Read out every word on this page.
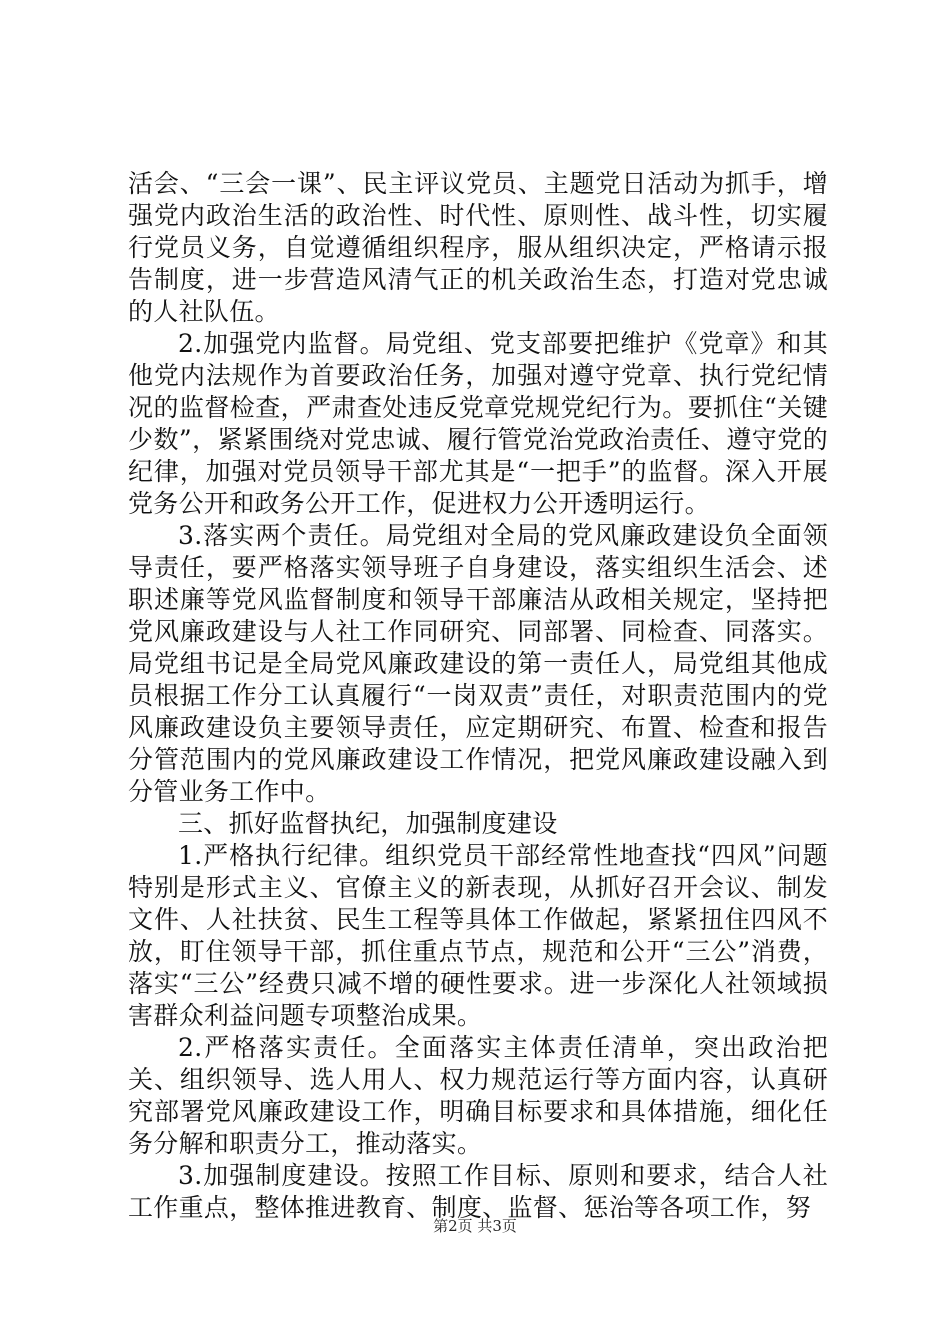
活会、“三会一课”、民主评议党员、主题党日活动为抓手，增强党内政治生活的政治性、时代性、原则性、战斗性，切实履行党员义务，自觉遵循组织程序，服从组织决定，严格请示报告制度，进一步营造风清气正的机关政治生态，打造对党忠诚的人社队伍。

2.加强党内监督。局党组、党支部要把维护《党章》和其他党内法规作为首要政治任务，加强对遵守党章、执行党纪情况的监督检查，严肃查处违反党章党规党纪行为。要抓住“关键少数”，紧紧围绕对党忠诚、履行管党治党政治责任、遵守党的纪律，加强对党员领导干部尤其是“一把手”的监督。深入开展党务公开和政务公开工作，促进权力公开透明运行。

3.落实两个责任。局党组对全局的党风廉政建设负全面领导责任，要严格落实领导班子自身建设，落实组织生活会、述职述廉等党风监督制度和领导干部廉洁从政相关规定，坚持把党风廉政建设与人社工作同研究、同部署、同检查、同落实。局党组书记是全局党风廉政建设的第一责任人，局党组其他成员根据工作分工认真履行“一岗双责”责任，对职责范围内的党风廉政建设负主要领导责任，应定期研究、布置、检查和报告分管范围内的党风廉政建设工作情况，把党风廉政建设融入到分管业务工作中。

三、抓好监督执纪，加强制度建设

1.严格执行纪律。组织党员干部经常性地查找“四风”问题特别是形式主义、官僚主义的新表现，从抓好召开会议、制发文件、人社扶贫、民生工程等具体工作做起，紧紧扭住四风不放，盯住领导干部，抓住重点节点，规范和公开“三公”消费，落实“三公”经费只减不增的硬性要求。进一步深化人社领域损害群众利益问题专项整治成果。

2.严格落实责任。全面落实主体责任清单，突出政治把关、组织领导、选人用人、权力规范运行等方面内容，认真研究部署党风廉政建设工作，明确目标要求和具体措施，细化任务分解和职责分工，推动落实。

3.加强制度建设。按照工作目标、原则和要求，结合人社工作重点，整体推进教育、制度、监督、惩治等各项工作，努

第2页 共3页
